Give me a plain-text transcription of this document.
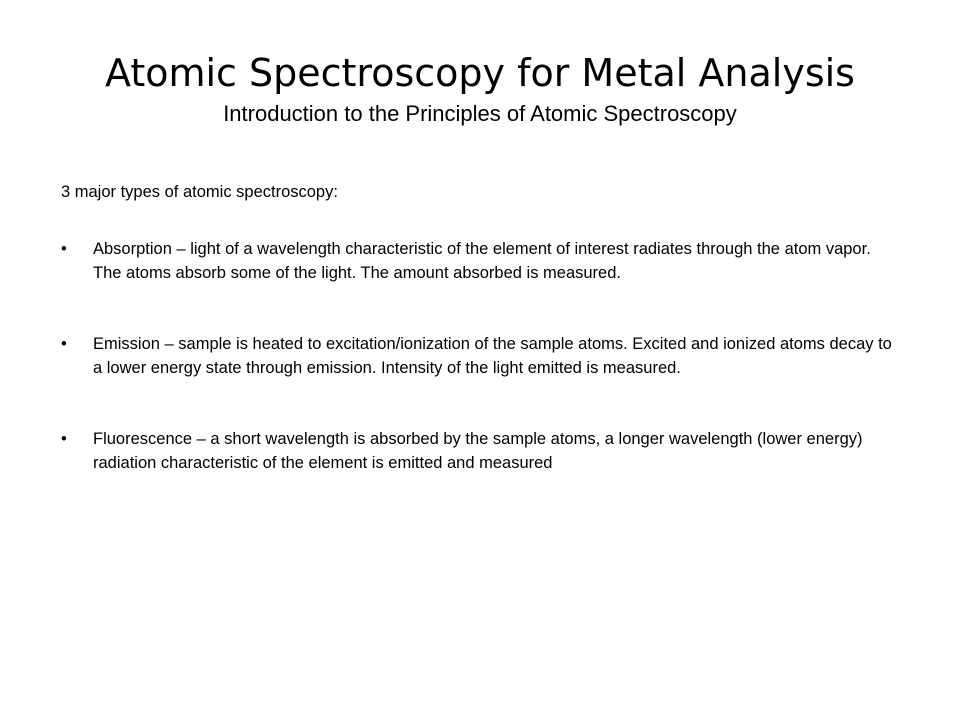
Atomic Spectroscopy for Metal Analysis
Introduction to the Principles of Atomic Spectroscopy
3 major types of atomic spectroscopy:
• Absorption – light of a wavelength characteristic of the element of interest radiates through the atom vapor. The atoms absorb some of the light. The amount absorbed is measured.
• Emission – sample is heated to excitation/ionization of the sample atoms. Excited and ionized atoms decay to a lower energy state through emission. Intensity of the light emitted is measured.
• Fluorescence – a short wavelength is absorbed by the sample atoms, a longer wavelength (lower energy) radiation characteristic of the element is emitted and measured
